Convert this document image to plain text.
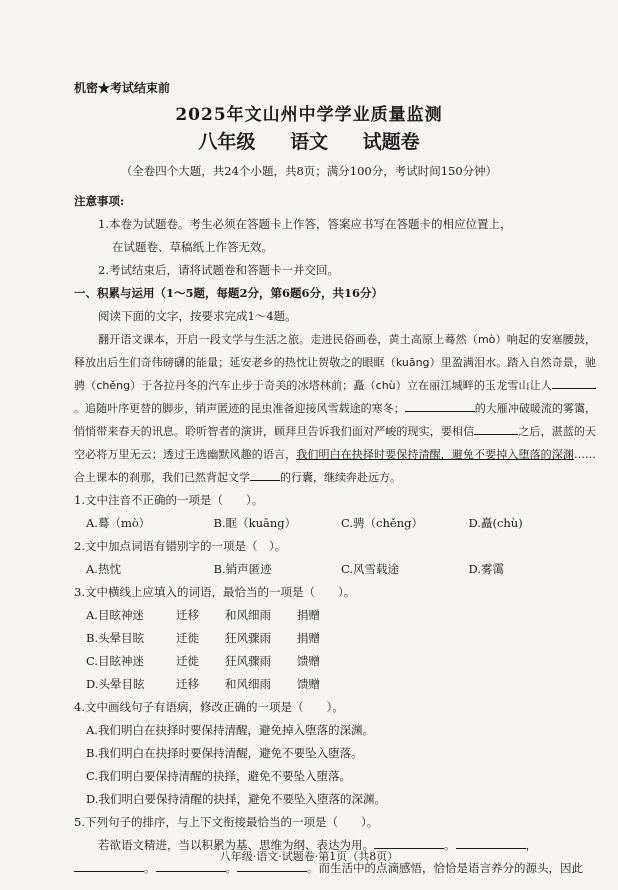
机密★考试结束前
2025年文山州中学学业质量监测
八年级 语文 试题卷
（全卷四个大题，共24个小题，共8页；满分100分，考试时间150分钟）
注意事项:
1.本卷为试题卷。考生必须在答题卡上作答，答案应书写在答题卡的相应位置上，
在试题卷、草稿纸上作答无效。
2.考试结束后，请将试题卷和答题卡一并交回。
一、积累与运用（1～5题，每题2分，第6题6分，共16分）
阅读下面的文字，按要求完成1～4题。
翻开语文课本，开启一段文学与生活之旅。走进民俗画卷，黄土高原上蓦然（mò）响起的安塞腰鼓，释放出后生们奇伟磅礴的能量；延安老乡的热忱让贺敬之的眼眶（kuāng）里盈满泪水。踏入自然奇景，驰骋（chěng）于各拉丹冬的汽车止步于奇美的冰塔林前；矗（chù）立在丽江城畔的玉龙雪山让人。追随叶序更替的脚步，销声匿迹的昆虫准备迎接风雪载途的寒冬；	的大雁冲破暖流的雾霭，悄悄带来春天的讯息。聆听智者的演讲，顾拜旦告诉我们面对严峻的现实，要相信	之后，湛蓝的天空必将万里无云；透过王选幽默风趣的语言，我们明白在抉择时要保持清醒，避免不要掉入堕落的深渊……合上课本的刹那，我们已然背起文学	的行囊，继续奔赴远方。
1.文中注音不正确的一项是（　　）。
A.蓦（mò）	B.眶（kuāng）	C.骋（chěng）	D.矗(chù)
2.文中加点词语有错别字的一项是（　）。
A.热忱	B.销声匿迹	C.风雪载途	D.雾霭
3.文中横线上应填入的词语，最恰当的一项是（　　）。
A.目眩神迷	迁移 和风细雨 捐赠
B.头晕目眩	迁徙 狂风骤雨 捐赠
C.目眩神迷	迁徙 狂风骤雨 馈赠
D.头晕目眩	迁移 和风细雨 馈赠
4.文中画线句子有语病，修改正确的一项是（　　）。
A.我们明白在抉择时要保持清醒，避免掉入堕落的深渊。
B.我们明白在抉择时要保持清醒，避免不要坠入堕落。
C.我们明白要保持清醒的抉择，避免不要坠入堕落。
D.我们明白要保持清醒的抉择，避免不要坠入堕落的深渊。
5.下列句子的排序，与上下文衔接最恰当的一项是（　　）。
若欲语文精进，当以积累为基、思维为纲、表达为用。	。	，
。	。	。而生活中的点滴感悟，恰恰是语言养分的源头，因此
八年级·语文·试题卷·第1页（共8页）
